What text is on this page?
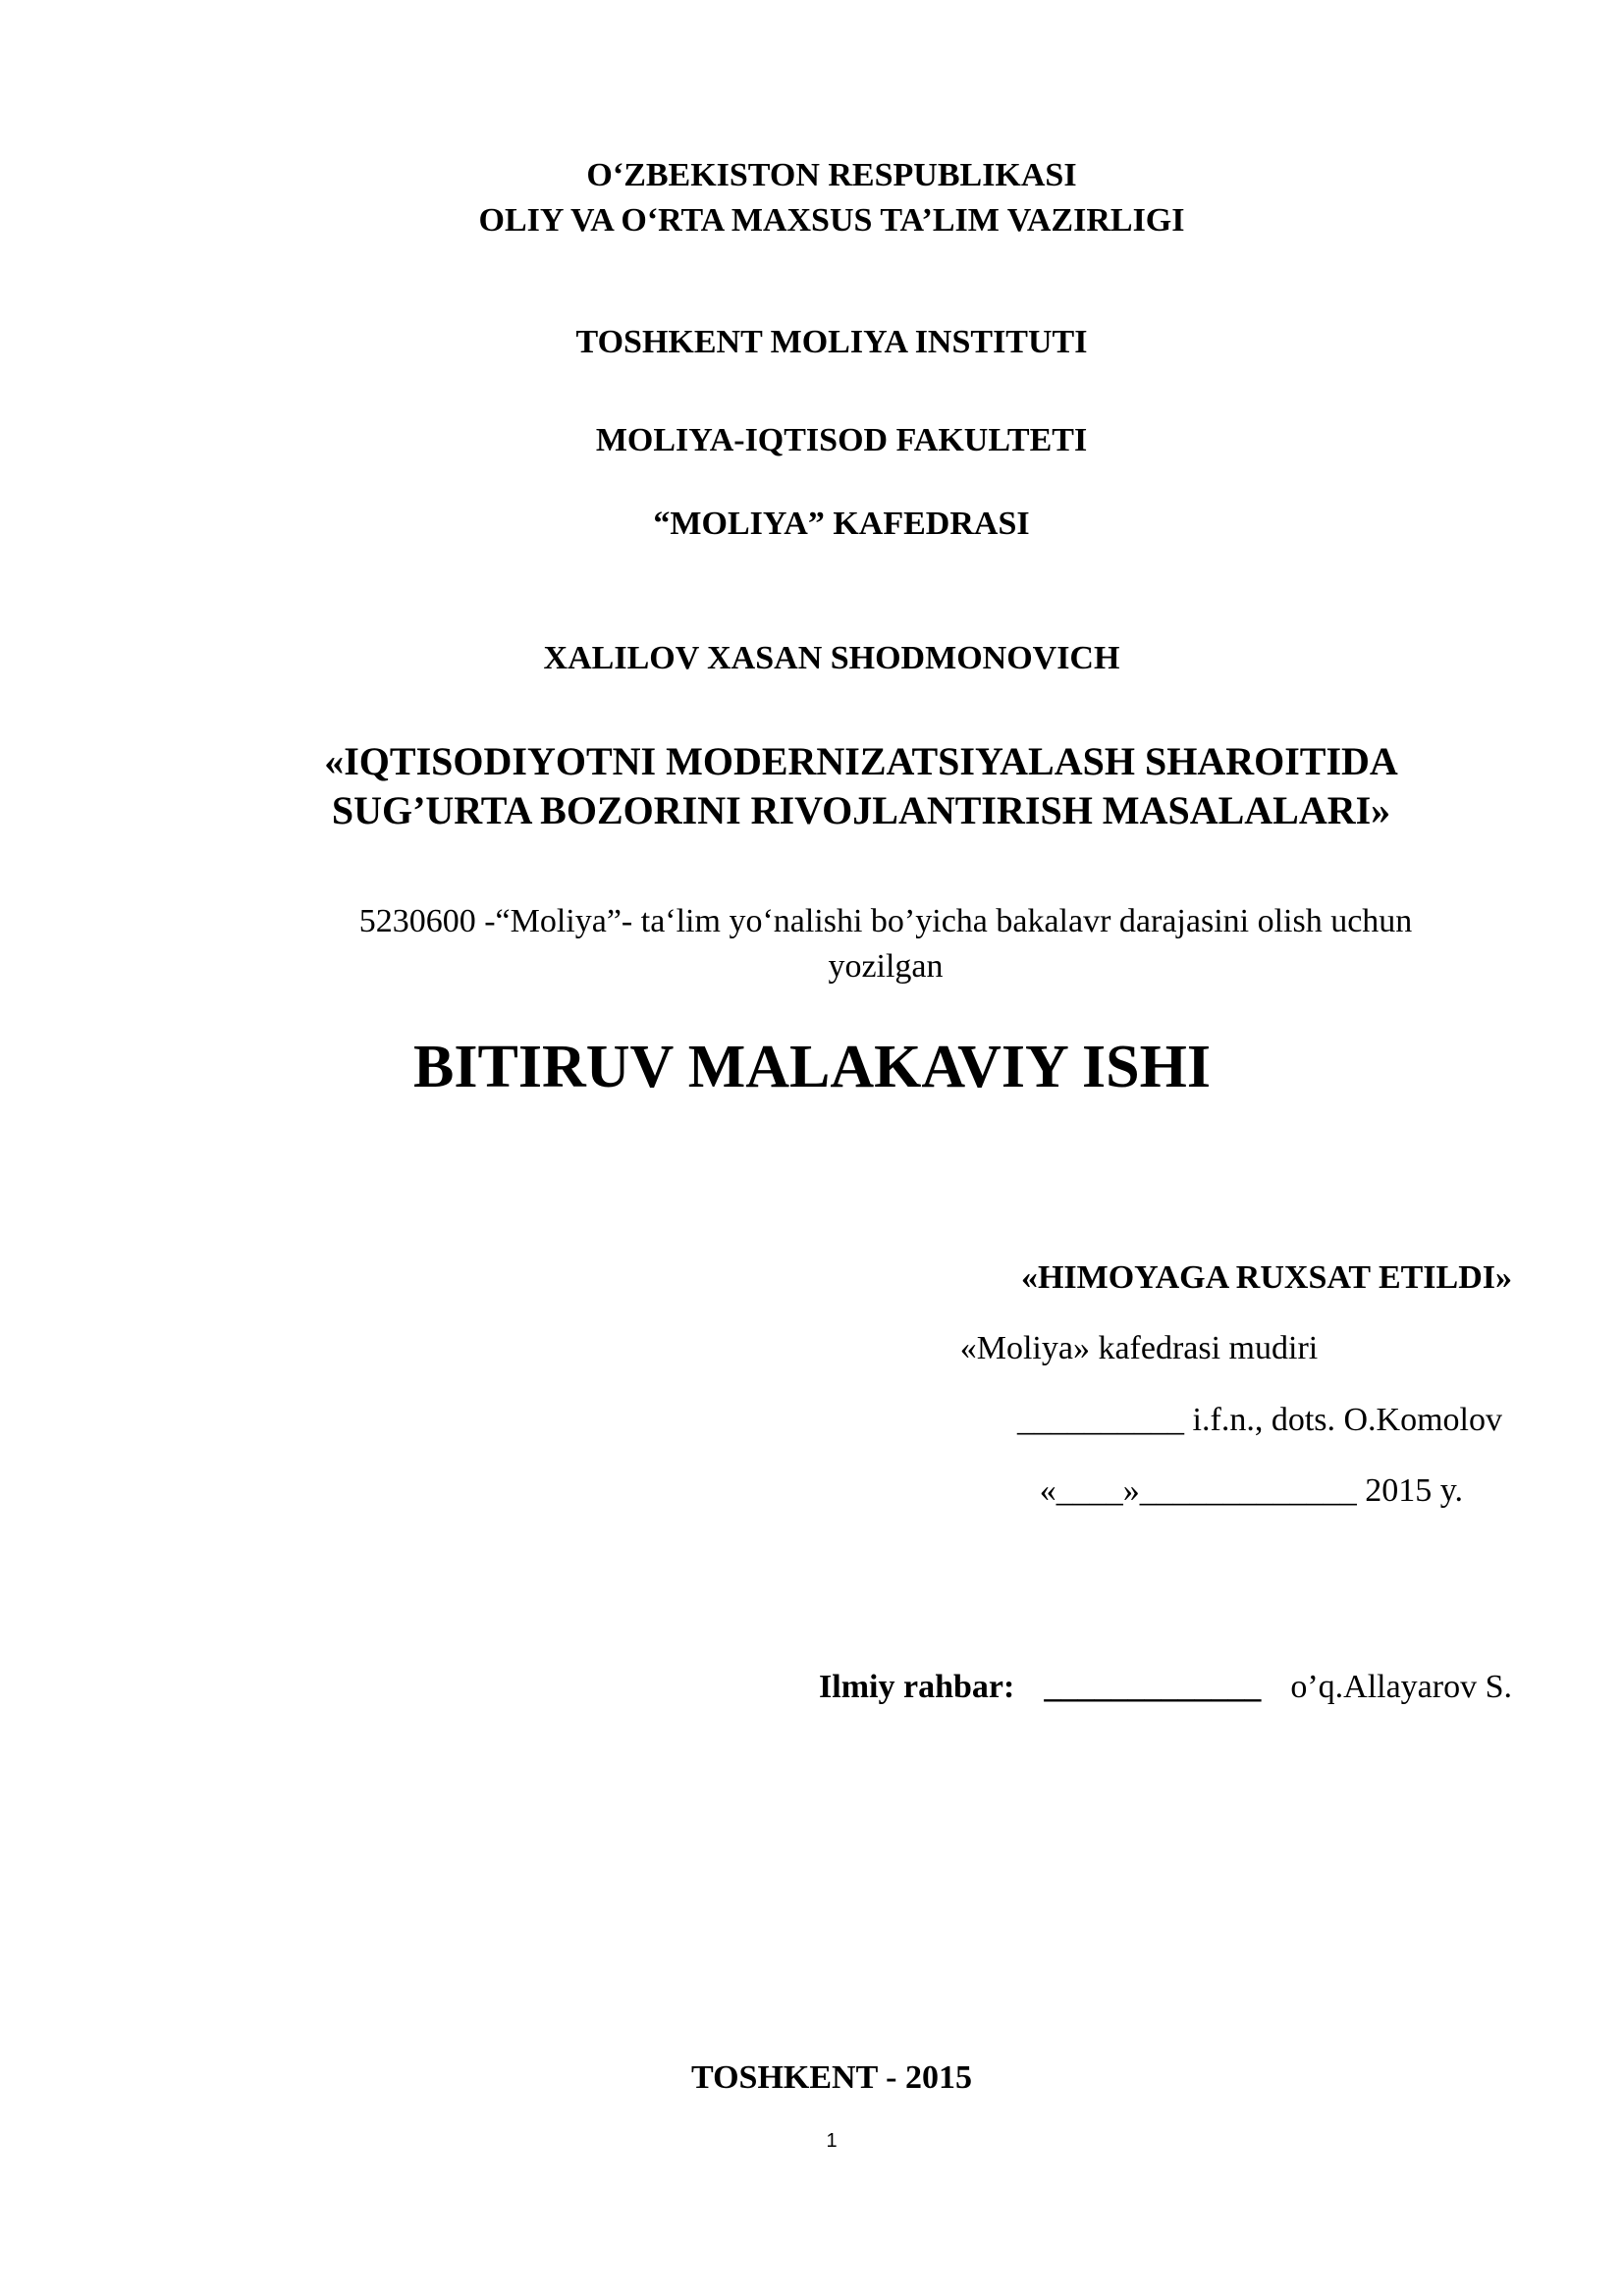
O‘ZBEKISTON RESPUBLIKASI
OLIY VA O‘RTA MAXSUS TA’LIM VAZIRLIGI
TOSHKENT MOLIYA INSTITUTI
MOLIYA-IQTISOD FAKULTETI
“MOLIYA” KAFEDRASI
XALILOV XASAN SHODMONOVICH
«IQTISODIYOTNI MODERNIZATSIYALASH SHAROITIDA
SUG’URTA BOZORINI RIVOJLANTIRISH MASALALARI»
5230600 -“Moliya”- ta‘lim yo‘nalishi bo’yicha bakalavr darajasini olish uchun
yozilgan
BITIRUV MALAKAVIY ISHI
«HIMOYAGA RUXSAT ETILDI»
«Moliya» kafedrasi mudiri
__________ i.f.n., dots. O.Komolov
«____»_____________ 2015 y.
Ilmiy rahbar: _____________ o’q.Allayarov S.
TOSHKENT - 2015
1
